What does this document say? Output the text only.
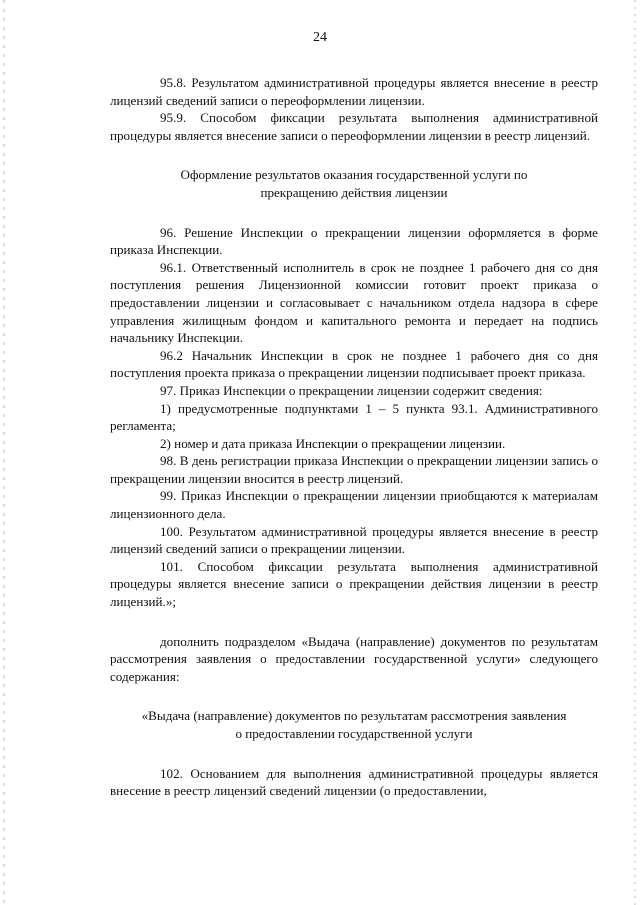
24

95.8. Результатом административной процедуры является внесение в реестр лицензий сведений записи о переоформлении лицензии.

95.9. Способом фиксации результата выполнения административной процедуры является внесение записи о переоформлении лицензии в реестр лицензий.

Оформление результатов оказания государственной услуги по прекращению действия лицензии

96. Решение Инспекции о прекращении лицензии оформляется в форме приказа Инспекции.

96.1. Ответственный исполнитель в срок не позднее 1 рабочего дня со дня поступления решения Лицензионной комиссии готовит проект приказа о предоставлении лицензии и согласовывает с начальником отдела надзора в сфере управления жилищным фондом и капитального ремонта и передает на подпись начальнику Инспекции.

96.2 Начальник Инспекции в срок не позднее 1 рабочего дня со дня поступления проекта приказа о прекращении лицензии подписывает проект приказа.

97. Приказ Инспекции о прекращении лицензии содержит сведения:

1) предусмотренные подпунктами 1 – 5 пункта 93.1. Административного регламента;

2) номер и дата приказа Инспекции о прекращении лицензии.

98. В день регистрации приказа Инспекции о прекращении лицензии запись о прекращении лицензии вносится в реестр лицензий.

99. Приказ Инспекции о прекращении лицензии приобщаются к материалам лицензионного дела.

100. Результатом административной процедуры является внесение в реестр лицензий сведений записи о прекращении лицензии.

101. Способом фиксации результата выполнения административной процедуры является внесение записи о прекращении действия лицензии в реестр лицензий.»;

дополнить подразделом «Выдача (направление) документов по результатам рассмотрения заявления о предоставлении государственной услуги» следующего содержания:

«Выдача (направление) документов по результатам рассмотрения заявления о предоставлении государственной услуги

102. Основанием для выполнения административной процедуры является внесение в реестр лицензий сведений лицензии (о предоставлении,
